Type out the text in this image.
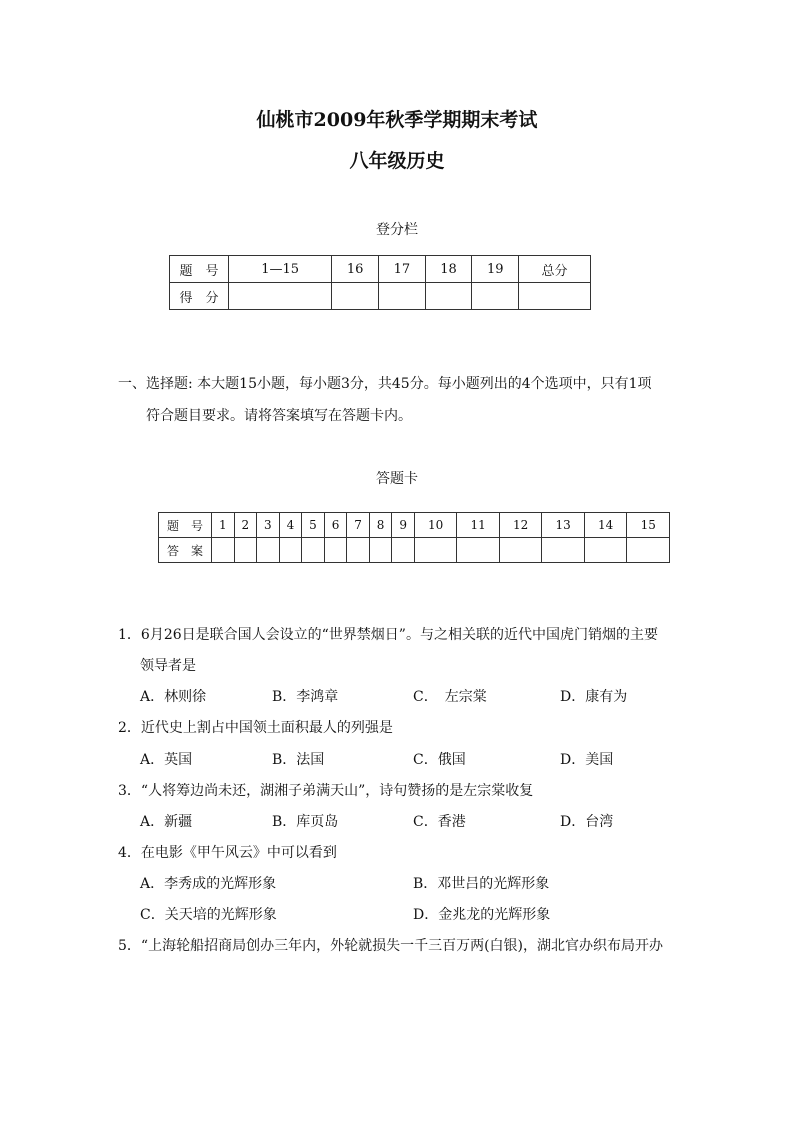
仙桃市2009年秋季学期期末考试
八年级历史
登分栏
题　号	1—15	16	17	18	19	总分
得　分						
一、选择题: 本大题15小题，每小题3分，共45分。每小题列出的4个选项中，只有1项
符合题目要求。请将答案填写在答题卡内。
答题卡
题　号	1	2	3	4	5	6	7	8	9	10	11	12	13	14	15
答　案															
1．6月26日是联合国人会设立的“世界禁烟日”。与之相关联的近代中国虎门销烟的主要
领导者是
A．林则徐	B．李鸿章	C．　左宗棠	D．康有为
2．近代史上割占中国领土面积最人的列强是
A．英国	B．法国	C．俄国	D．美国
3．“人将筹边尚未还，湖湘子弟满天山”，诗句赞扬的是左宗棠收复
A．新疆	B．库页岛	C．香港	D．台湾
4．在电影《甲午风云》中可以看到
A．李秀成的光辉形象	B．邓世吕的光辉形象
C．关天培的光辉形象	D．金兆龙的光辉形象
5．“上海轮船招商局创办三年内，外轮就损失一千三百万两(白银)，湖北官办织布局开办
